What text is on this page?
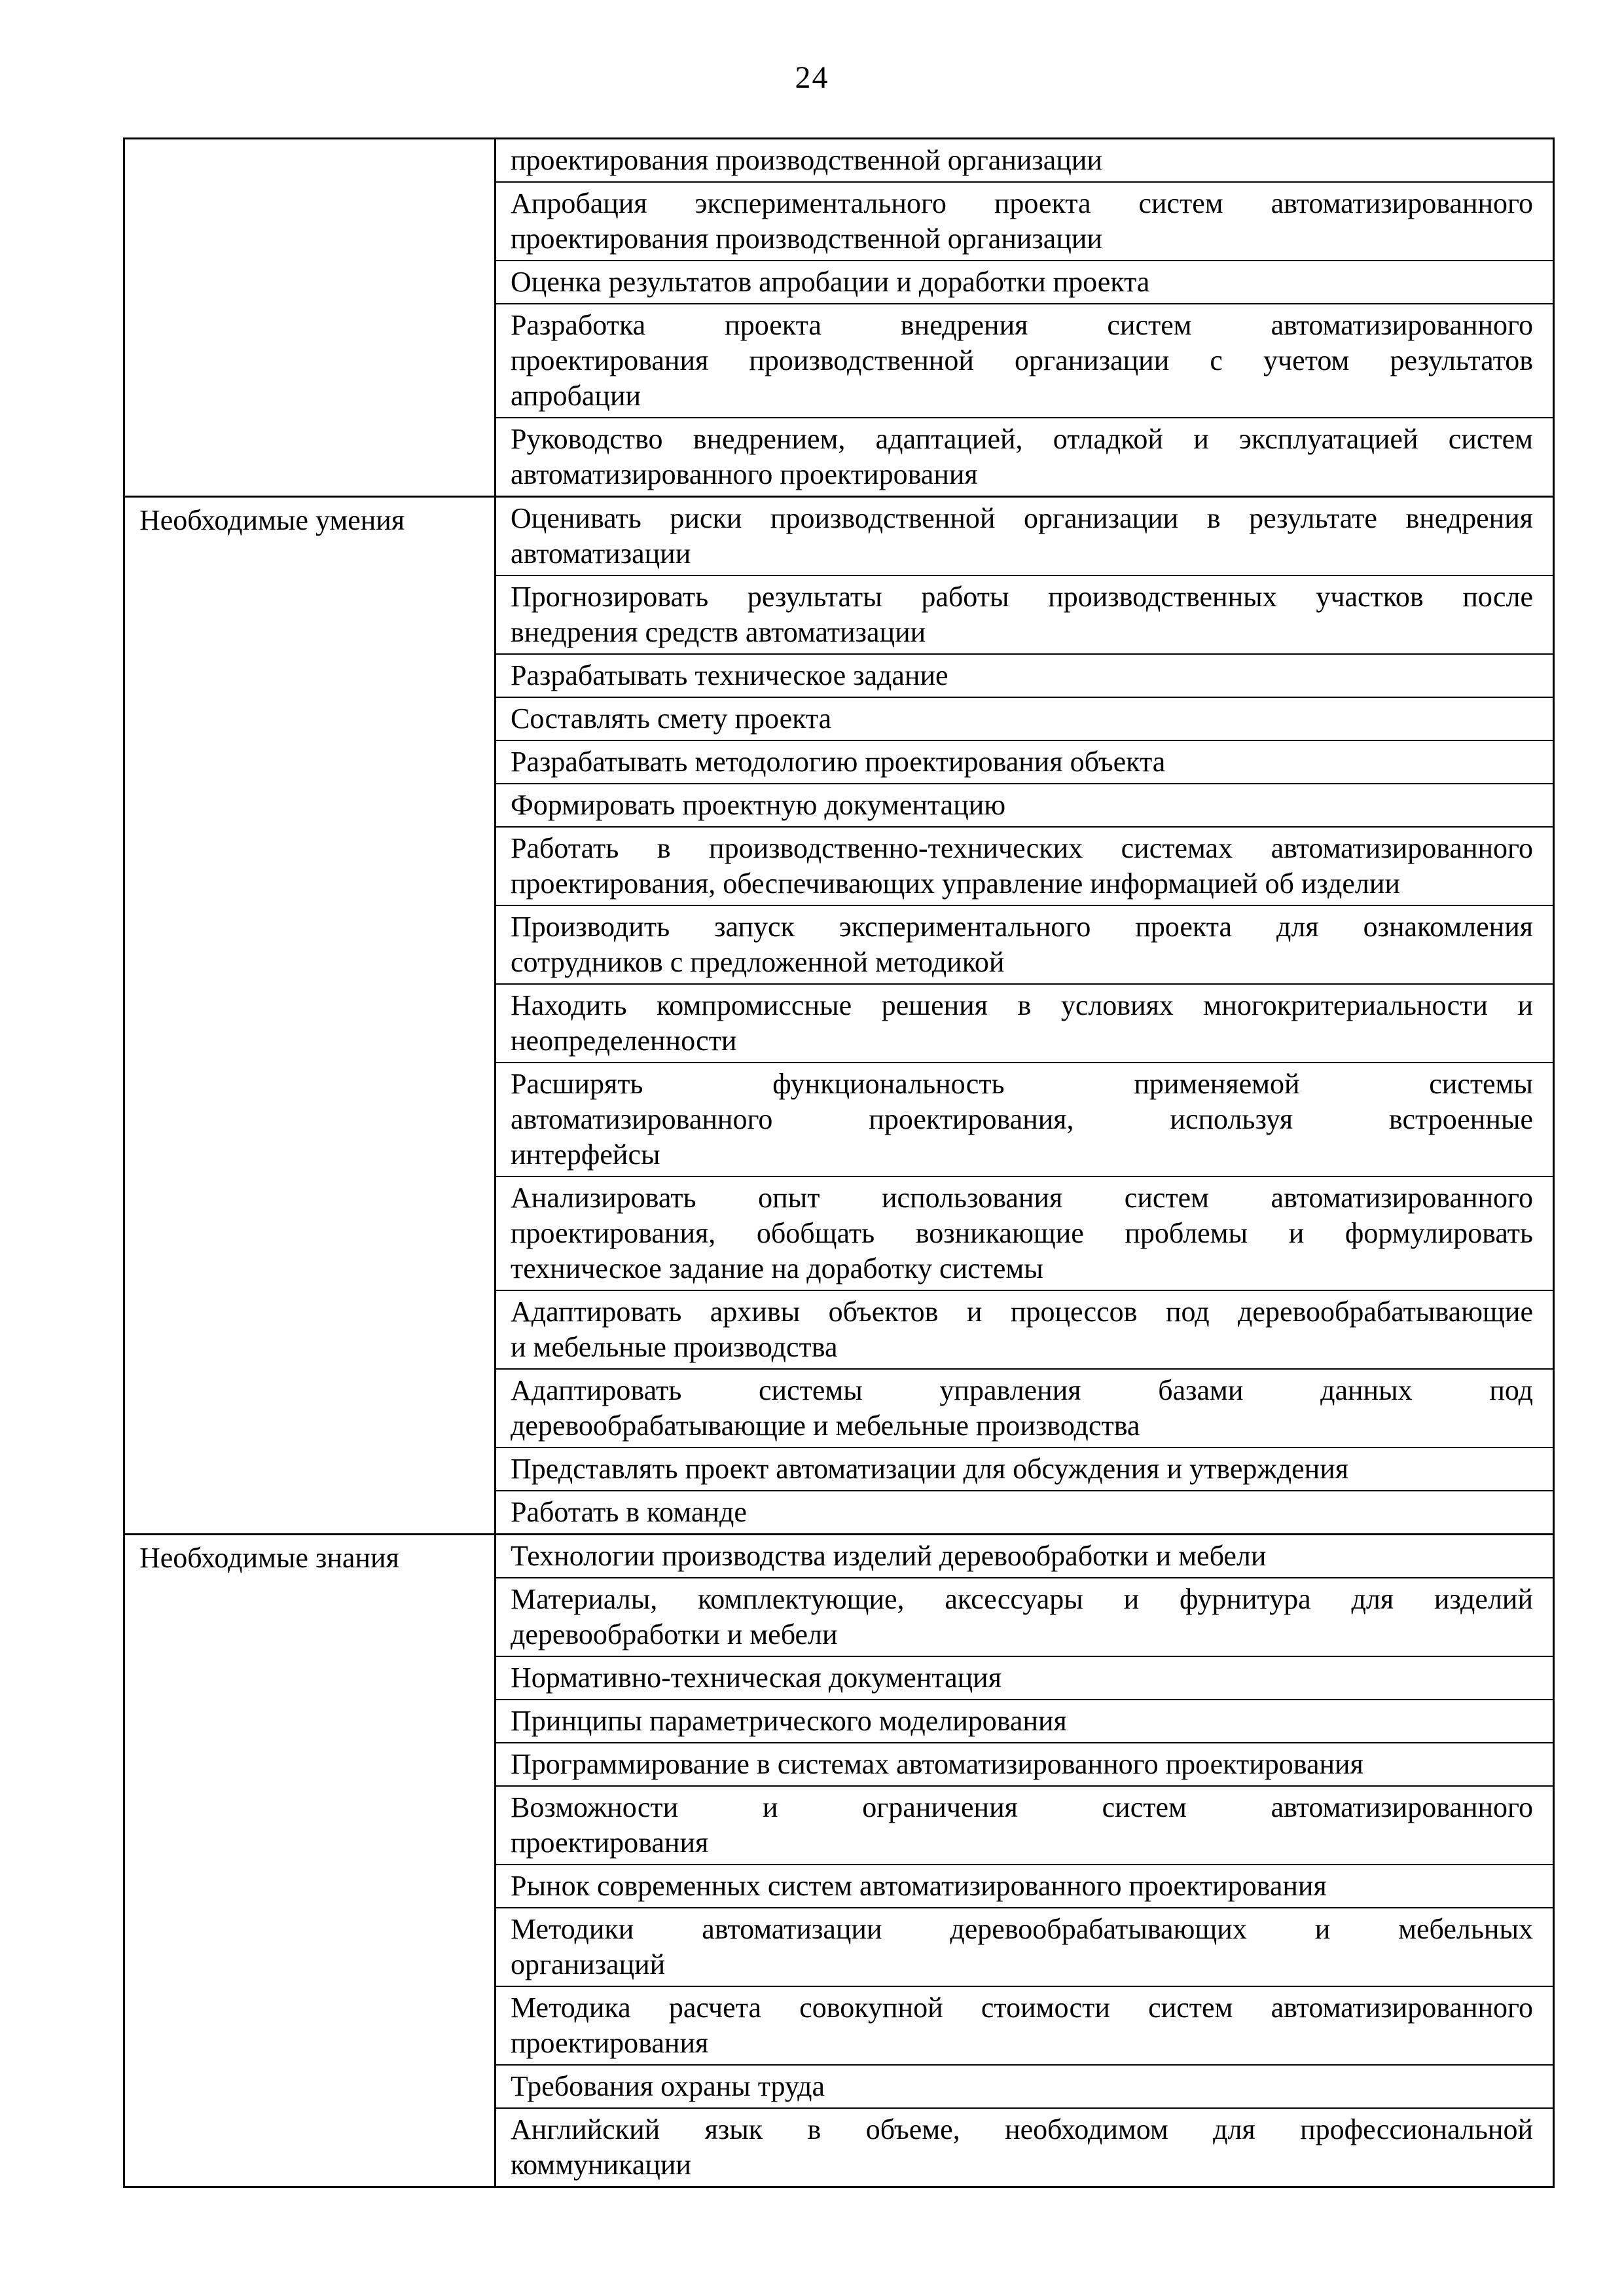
24
проектирования производственной организации
Апробация экспериментального проекта систем автоматизированного
проектирования производственной организации
Оценка результатов апробации и доработки проекта
Разработка проекта внедрения систем автоматизированного
проектирования производственной организации с учетом результатов
апробации
Руководство внедрением, адаптацией, отладкой и эксплуатацией систем
автоматизированного проектирования
Необходимые умения	Оценивать риски производственной организации в результате внедрения
автоматизации
Прогнозировать результаты работы производственных участков после
внедрения средств автоматизации
Разрабатывать техническое задание
Составлять смету проекта
Разрабатывать методологию проектирования объекта
Формировать проектную документацию
Работать в производственно-технических системах автоматизированного
проектирования, обеспечивающих управление информацией об изделии
Производить запуск экспериментального проекта для ознакомления
сотрудников с предложенной методикой
Находить компромиссные решения в условиях многокритериальности и
неопределенности
Расширять функциональность применяемой системы
автоматизированного проектирования, используя встроенные
интерфейсы
Анализировать опыт использования систем автоматизированного
проектирования, обобщать возникающие проблемы и формулировать
техническое задание на доработку системы
Адаптировать архивы объектов и процессов под деревообрабатывающие
и мебельные производства
Адаптировать системы управления базами данных под
деревообрабатывающие и мебельные производства
Представлять проект автоматизации для обсуждения и утверждения
Работать в команде
Необходимые знания	Технологии производства изделий деревообработки и мебели
Материалы, комплектующие, аксессуары и фурнитура для изделий
деревообработки и мебели
Нормативно-техническая документация
Принципы параметрического моделирования
Программирование в системах автоматизированного проектирования
Возможности и ограничения систем автоматизированного
проектирования
Рынок современных систем автоматизированного проектирования
Методики автоматизации деревообрабатывающих и мебельных
организаций
Методика расчета совокупной стоимости систем автоматизированного
проектирования
Требования охраны труда
Английский язык в объеме, необходимом для профессиональной
коммуникации
